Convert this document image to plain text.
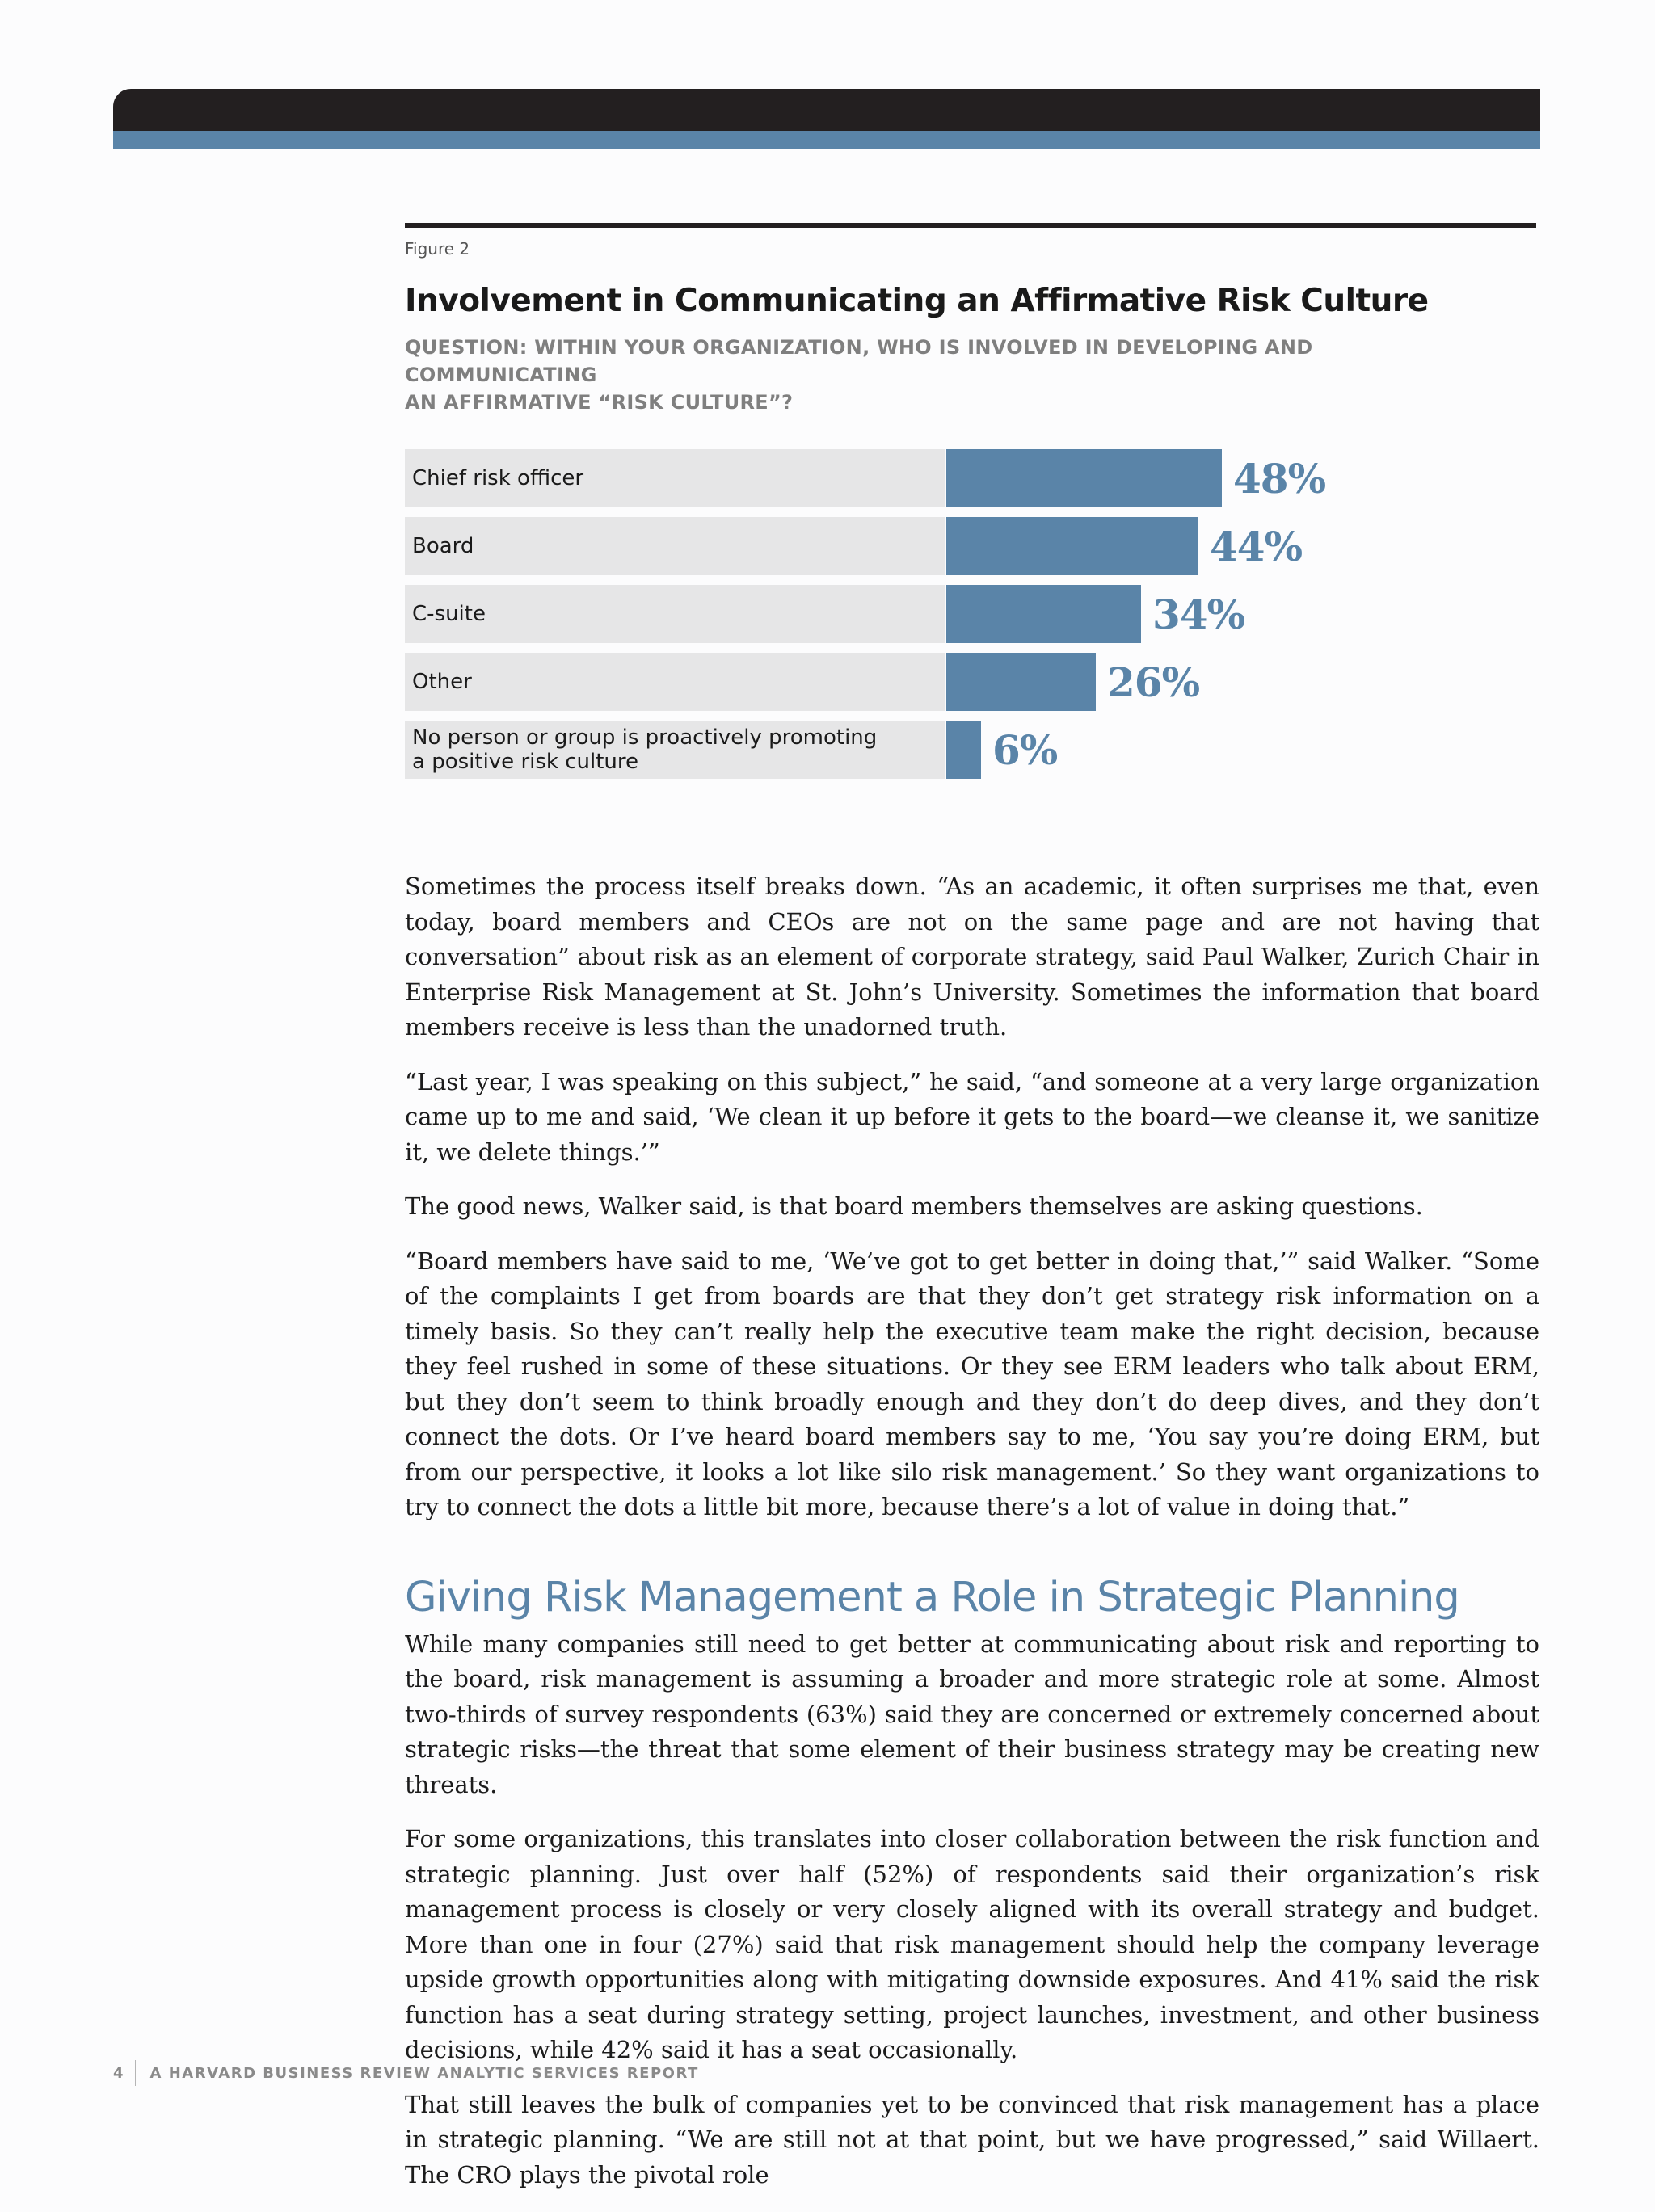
Figure 2
Involvement in Communicating an Affirmative Risk Culture
QUESTION: WITHIN YOUR ORGANIZATION, WHO IS INVOLVED IN DEVELOPING AND COMMUNICATING
AN AFFIRMATIVE “RISK CULTURE”?
Chief risk officer	48%
Board	44%
C-suite	34%
Other	26%
No person or group is proactively promoting
a positive risk culture	6%

Sometimes the process itself breaks down. “As an academic, it often surprises me that, even today, board members and CEOs are not on the same page and are not having that conversation” about risk as an element of corporate strategy, said Paul Walker, Zurich Chair in Enterprise Risk Management at St. John’s University. Sometimes the information that board members receive is less than the unadorned truth.

“Last year, I was speaking on this subject,” he said, “and someone at a very large organization came up to me and said, ‘We clean it up before it gets to the board—we cleanse it, we sanitize it, we delete things.’”

The good news, Walker said, is that board members themselves are asking questions.

“Board members have said to me, ‘We’ve got to get better in doing that,’” said Walker. “Some of the complaints I get from boards are that they don’t get strategy risk information on a timely basis. So they can’t really help the executive team make the right decision, because they feel rushed in some of these situations. Or they see ERM leaders who talk about ERM, but they don’t seem to think broadly enough and they don’t do deep dives, and they don’t connect the dots. Or I’ve heard board members say to me, ‘You say you’re doing ERM, but from our perspective, it looks a lot like silo risk management.’ So they want organizations to try to connect the dots a little bit more, because there’s a lot of value in doing that.”

Giving Risk Management a Role in Strategic Planning

While many companies still need to get better at communicating about risk and reporting to the board, risk management is assuming a broader and more strategic role at some. Almost two-thirds of survey respondents (63%) said they are concerned or extremely concerned about strategic risks—the threat that some element of their business strategy may be creating new threats.

For some organizations, this translates into closer collaboration between the risk function and strategic planning. Just over half (52%) of respondents said their organization’s risk management process is closely or very closely aligned with its overall strategy and budget. More than one in four (27%) said that risk management should help the company leverage upside growth opportunities along with mitigating downside exposures. And 41% said the risk function has a seat during strategy setting, project launches, investment, and other business decisions, while 42% said it has a seat occasionally.

That still leaves the bulk of companies yet to be convinced that risk management has a place in strategic planning. “We are still not at that point, but we have progressed,” said Willaert. The CRO plays the pivotal role

4	A HARVARD BUSINESS REVIEW ANALYTIC SERVICES REPORT
